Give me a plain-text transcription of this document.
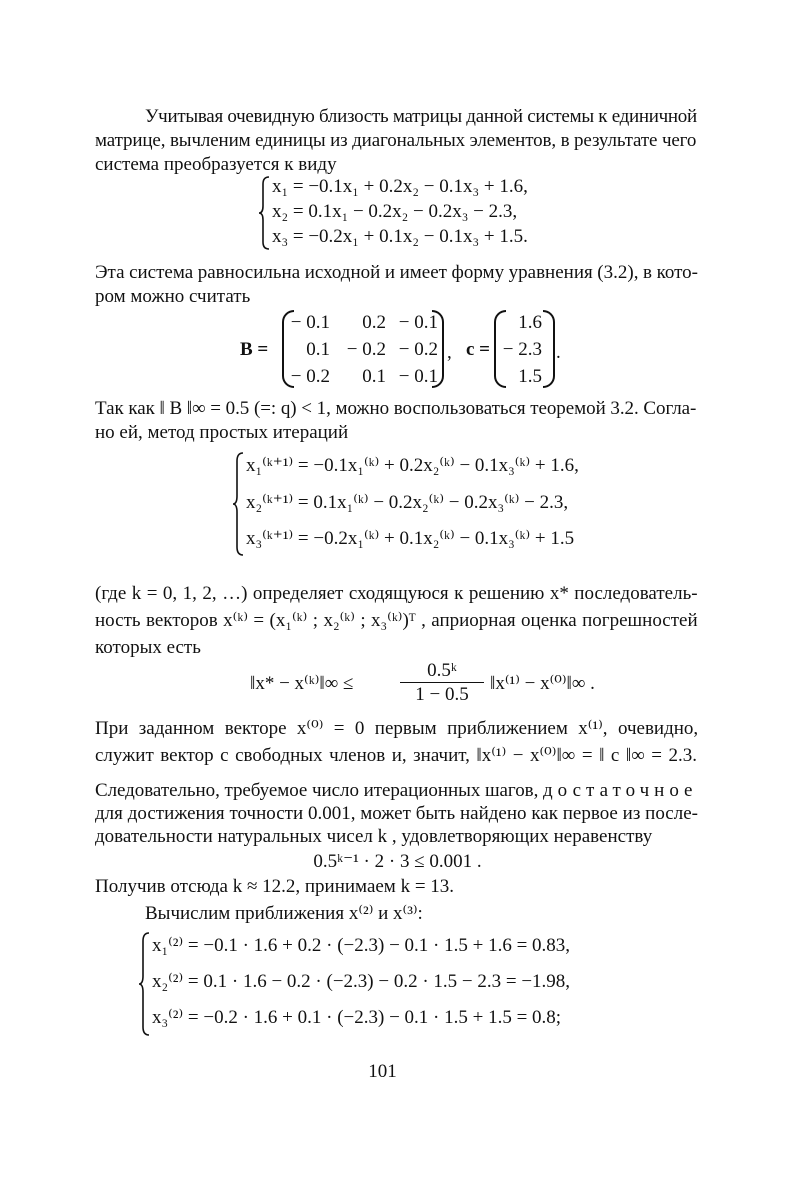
Учитывая очевидную близость матрицы данной системы к единичной
матрице, вычленим единицы из диагональных элементов, в результате чего
система преобразуется к виду
x₁ = −0.1x₁ + 0.2x₂ − 0.1x₃ + 1.6,
x₂ = 0.1x₁ − 0.2x₂ − 0.2x₃ − 2.3,
x₃ = −0.2x₁ + 0.1x₂ − 0.1x₃ + 1.5.
Эта система равносильна исходной и имеет форму уравнения (3.2), в кото-
ром можно считать
B =
− 0.1	0.2 − 0.1
0.1 − 0.2 − 0.2
− 0.2	0.1 − 0.1
, c =
1.6
− 2.3
1.5
.
Так как ‖ B ‖∞ = 0.5 (=: q) < 1, можно воспользоваться теоремой 3.2. Согла-
но ей, метод простых итераций
x₁⁽ᵏ⁺¹⁾ = −0.1x₁⁽ᵏ⁾ + 0.2x₂⁽ᵏ⁾ − 0.1x₃⁽ᵏ⁾ + 1.6,
x₂⁽ᵏ⁺¹⁾ = 0.1x₁⁽ᵏ⁾ − 0.2x₂⁽ᵏ⁾ − 0.2x₃⁽ᵏ⁾ − 2.3,
x₃⁽ᵏ⁺¹⁾ = −0.2x₁⁽ᵏ⁾ + 0.1x₂⁽ᵏ⁾ − 0.1x₃⁽ᵏ⁾ + 1.5
(где k = 0, 1, 2, …) определяет сходящуюся к решению x* последователь-
ность векторов x⁽ᵏ⁾ = (x₁⁽ᵏ⁾ ; x₂⁽ᵏ⁾ ; x₃⁽ᵏ⁾)ᵀ , априорная оценка погрешностей
которых есть
‖x* − x⁽ᵏ⁾‖∞ ≤
0.5ᵏ
1 − 0.5
‖x⁽¹⁾ − x⁽⁰⁾‖∞ .
При заданном векторе x⁽⁰⁾ = 0 первым приближением x⁽¹⁾, очевидно,
служит вектор c свободных членов и, значит, ‖x⁽¹⁾ − x⁽⁰⁾‖∞ = ‖ c ‖∞ = 2.3.
Следовательно, требуемое число итерационных шагов, достаточное
для достижения точности 0.001, может быть найдено как первое из после-
довательности натуральных чисел k , удовлетворяющих неравенству
0.5ᵏ⁻¹ · 2 · 3 ≤ 0.001 .
Получив отсюда k ≈ 12.2, принимаем k = 13.
Вычислим приближения x⁽²⁾ и x⁽³⁾:
x₁⁽²⁾ = −0.1 · 1.6 + 0.2 · (−2.3) − 0.1 · 1.5 + 1.6 = 0.83,
x₂⁽²⁾ = 0.1 · 1.6 − 0.2 · (−2.3) − 0.2 · 1.5 − 2.3 = −1.98,
x₃⁽²⁾ = −0.2 · 1.6 + 0.1 · (−2.3) − 0.1 · 1.5 + 1.5 = 0.8;
101
